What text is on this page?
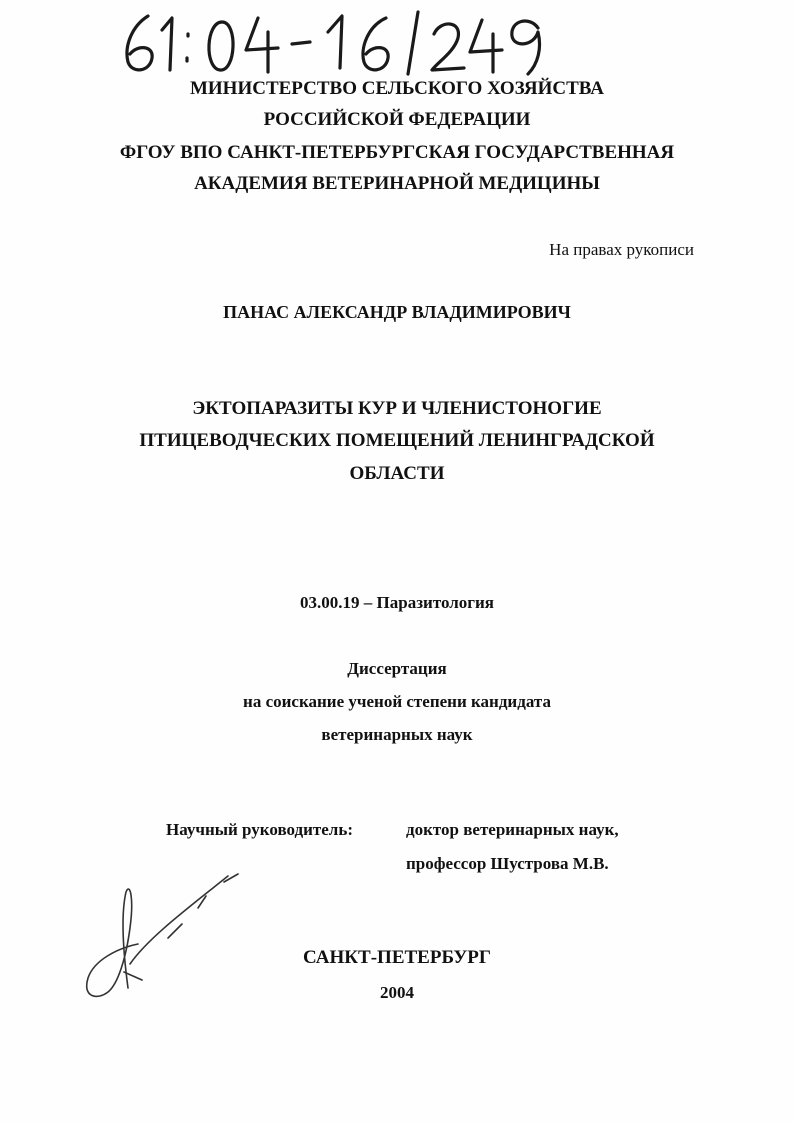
МИНИСТЕРСТВО СЕЛЬСКОГО ХОЗЯЙСТВА
РОССИЙСКОЙ ФЕДЕРАЦИИ
ФГОУ ВПО САНКТ-ПЕТЕРБУРГСКАЯ ГОСУДАРСТВЕННАЯ
АКАДЕМИЯ ВЕТЕРИНАРНОЙ МЕДИЦИНЫ
На правах рукописи
ПАНАС АЛЕКСАНДР ВЛАДИМИРОВИЧ
ЭКТОПАРАЗИТЫ КУР И ЧЛЕНИСТОНОГИЕ
ПТИЦЕВОДЧЕСКИХ ПОМЕЩЕНИЙ ЛЕНИНГРАДСКОЙ
ОБЛАСТИ
03.00.19 – Паразитология
Диссертация
на соискание ученой степени кандидата
ветеринарных наук
Научный руководитель:	доктор ветеринарных наук,
профессор Шустрова М.В.
САНКТ-ПЕТЕРБУРГ
2004
